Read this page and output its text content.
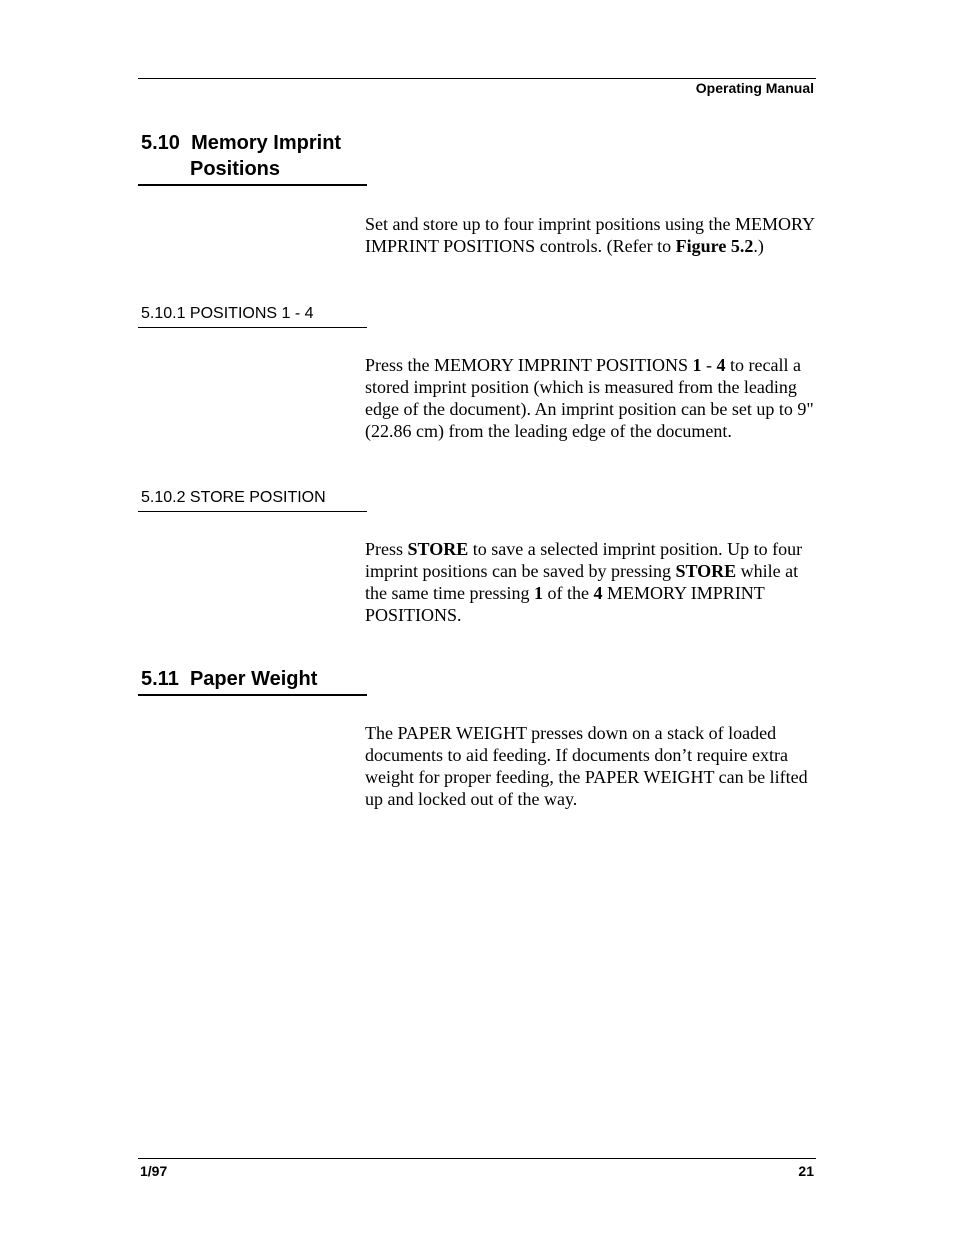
Operating Manual
5.10 Memory Imprint
Positions
Set and store up to four imprint positions using the MEMORY IMPRINT POSITIONS controls. (Refer to Figure 5.2.)
5.10.1 POSITIONS 1 - 4
Press the MEMORY IMPRINT POSITIONS 1 - 4 to recall a stored imprint position (which is measured from the leading edge of the document). An imprint position can be set up to 9" (22.86 cm) from the leading edge of the document.
5.10.2 STORE POSITION
Press STORE to save a selected imprint position. Up to four imprint positions can be saved by pressing STORE while at the same time pressing 1 of the 4 MEMORY IMPRINT POSITIONS.
5.11 Paper Weight
The PAPER WEIGHT presses down on a stack of loaded documents to aid feeding. If documents don’t require extra weight for proper feeding, the PAPER WEIGHT can be lifted up and locked out of the way.
1/97	21
